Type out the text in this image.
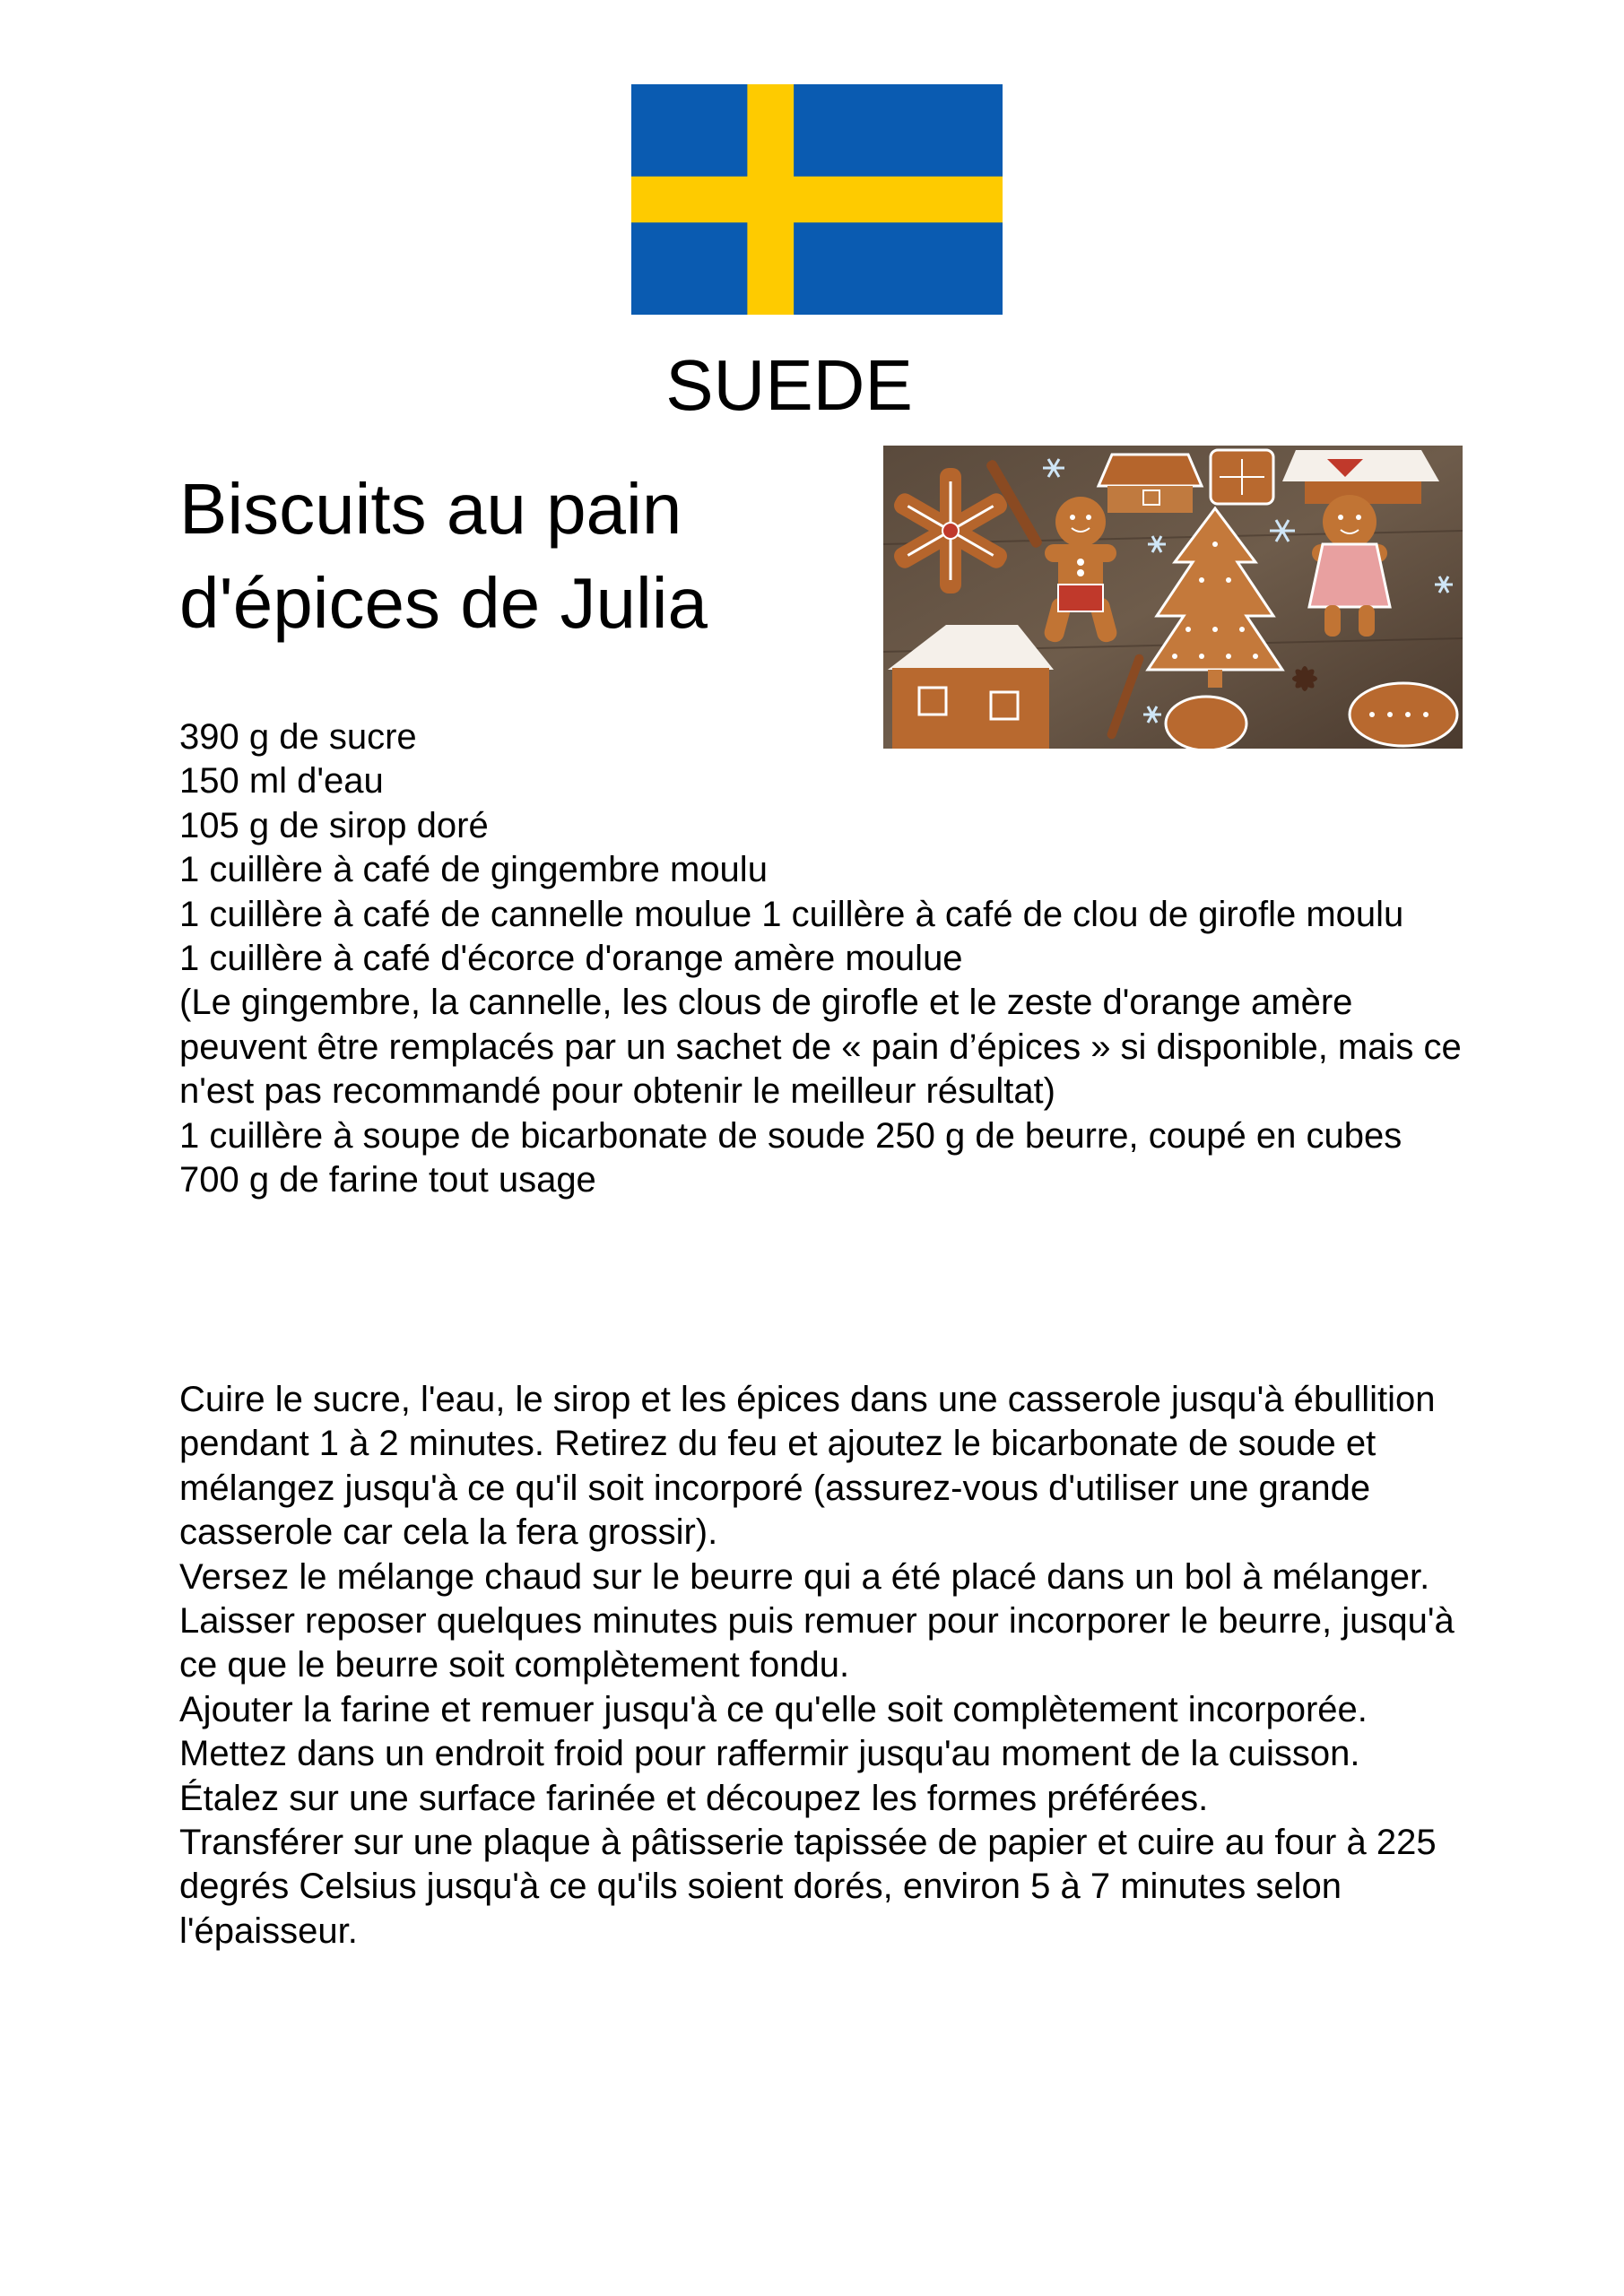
SUEDE
Biscuits au pain
d'épices de Julia
390 g de sucre
150 ml d'eau
105 g de sirop doré
1 cuillère à café de gingembre moulu
1 cuillère à café de cannelle moulue 1 cuillère à café de clou de girofle moulu
1 cuillère à café d'écorce d'orange amère moulue
(Le gingembre, la cannelle, les clous de girofle et le zeste d'orange amère peuvent être remplacés par un sachet de « pain d’épices » si disponible, mais ce n'est pas recommandé pour obtenir le meilleur résultat)
1 cuillère à soupe de bicarbonate de soude 250 g de beurre, coupé en cubes
700 g de farine tout usage

Cuire le sucre, l'eau, le sirop et les épices dans une casserole jusqu'à ébullition pendant 1 à 2 minutes. Retirez du feu et ajoutez le bicarbonate de soude et mélangez jusqu'à ce qu'il soit incorporé (assurez-vous d'utiliser une grande casserole car cela la fera grossir).

Versez le mélange chaud sur le beurre qui a été placé dans un bol à mélanger. Laisser reposer quelques minutes puis remuer pour incorporer le beurre, jusqu'à ce que le beurre soit complètement fondu.

Ajouter la farine et remuer jusqu'à ce qu'elle soit complètement incorporée.

Mettez dans un endroit froid pour raffermir jusqu'au moment de la cuisson.

Étalez sur une surface farinée et découpez les formes préférées.

Transférer sur une plaque à pâtisserie tapissée de papier et cuire au four à 225 degrés Celsius jusqu'à ce qu'ils soient dorés, environ 5 à 7 minutes selon l'épaisseur.
